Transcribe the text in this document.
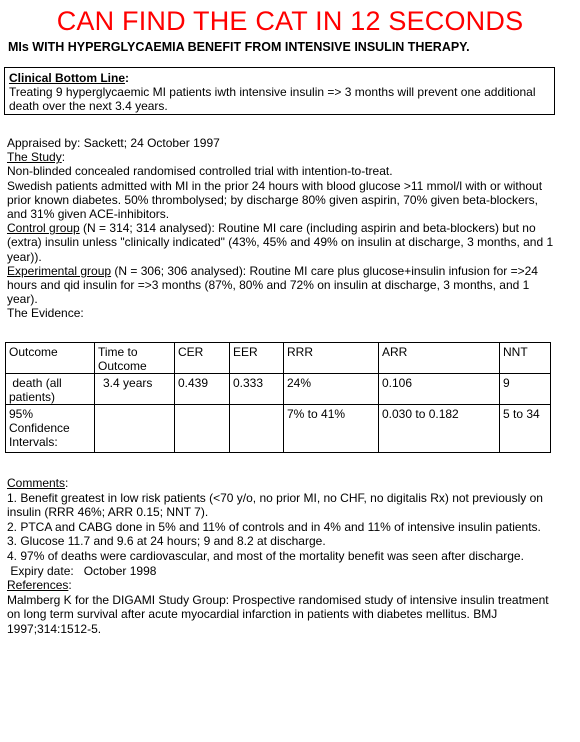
CAN FIND THE CAT IN 12 SECONDS
MIs WITH HYPERGLYCAEMIA BENEFIT FROM INTENSIVE INSULIN THERAPY.
Clinical Bottom Line:
Treating 9 hyperglycaemic MI patients iwth intensive insulin => 3 months will prevent one additional death over the next 3.4 years.

Appraised by: Sackett; 24 October 1997

The Study:

Non-blinded concealed randomised controlled trial with intention-to-treat.

Swedish patients admitted with MI in the prior 24 hours with blood glucose >11 mmol/l with or without prior known diabetes. 50% thrombolysed; by discharge 80% given aspirin, 70% given beta-blockers, and 31% given ACE-inhibitors.

Control group (N = 314; 314 analysed): Routine MI care (including aspirin and beta-blockers) but no (extra) insulin unless "clinically indicated" (43%, 45% and 49% on insulin at discharge, 3 months, and 1 year)).

Experimental group (N = 306; 306 analysed): Routine MI care plus glucose+insulin infusion for =>24 hours and qid insulin for =>3 months (87%, 80% and 72% on insulin at discharge, 3 months, and 1 year).

The Evidence:

Outcome	Time to Outcome	CER	EER	RRR	ARR	NNT
death (all patients)	3.4 years	0.439	0.333	24%	0.106	9
95% Confidence Intervals:				7% to 41%	0.030 to 0.182	5 to 34

Comments:

1. Benefit greatest in low risk patients (<70 y/o, no prior MI, no CHF, no digitalis Rx) not previously on insulin (RRR 46%; ARR 0.15; NNT 7).

2. PTCA and CABG done in 5% and 11% of controls and in 4% and 11% of intensive insulin patients.

3. Glucose 11.7 and 9.6 at 24 hours; 9 and 8.2 at discharge.

4. 97% of deaths were cardiovascular, and most of the mortality benefit was seen after discharge.

Expiry date:   October 1998

References:

Malmberg K for the DIGAMI Study Group: Prospective randomised study of intensive insulin treatment on long term survival after acute myocardial infarction in patients with diabetes mellitus. BMJ 1997;314:1512-5.
